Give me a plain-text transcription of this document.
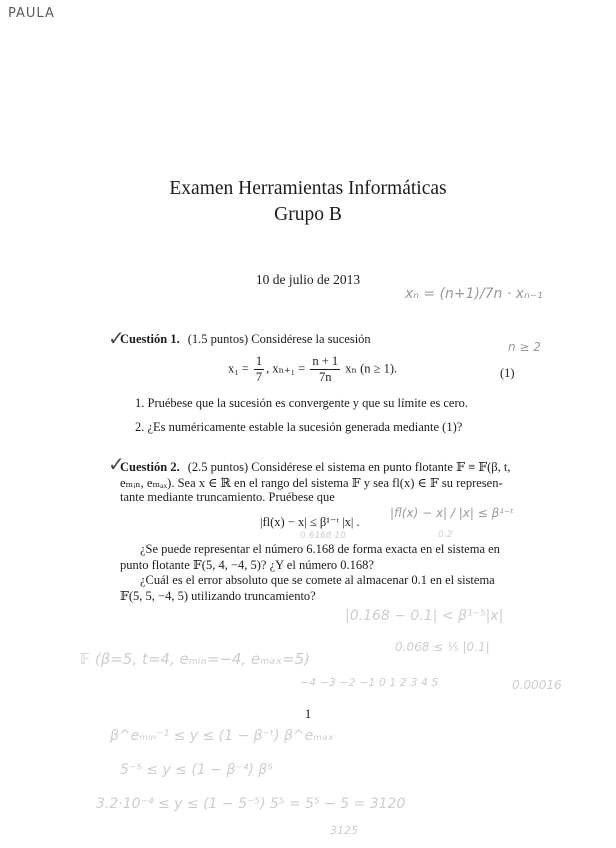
PAULA
Examen Herramientas Informáticas
Grupo B
10 de julio de 2013
xₙ = (n+1)/7n · xₙ₋₁
n ≥ 2
✓
Cuestión 1. (1.5 puntos) Considérese la sucesión
$x_1 = \frac{1}{7}$ , $x_{n+1} = \frac{n + 1}{7n}$ xₙ (n ≥ 1).	(1)
1. Pruébese que la sucesión es convergente y que su límite es cero.
2. ¿Es numéricamente estable la sucesión generada mediante (1)?
✓
Cuestión 2. (2.5 puntos) Considérese el sistema en punto flotante 𝔽 ≡ 𝔽(β, t,
eₘᵢₙ, eₘₐₓ). Sea x ∈ ℝ en el rango del sistema 𝔽 y sea fl(x) ∈ 𝔽 su represen-
tante mediante truncamiento. Pruébese que
|fl(x) − x| ≤ β¹⁻ᵗ |x| .
|fl(x) − x| / |x| ≤ β¹⁻ᵗ
0.6168·10	0.2

¿Se puede representar el número 6.168 de forma exacta en el sistema en punto flotante 𝔽(5, 4, −4, 5)? ¿Y el número 0.168?

¿Cuál es el error absoluto que se comete al almacenar 0.1 en el sistema 𝔽(5, 5, −4, 5) utilizando truncamiento?

|0.168 − 0.1| < β¹⁻⁵|x|
𝔽 (β=5, t=4, eₘᵢₙ=−4, eₘₐₓ=5)
0.068 ≤ ⅕ |0.1|
−4 −3 −2 −1 0 1 2 3 4 5	0.00016
1
β^eₘᵢₙ⁻¹ ≤ y ≤ (1 − β⁻ᵗ) β^eₘₐₓ
5⁻⁵ ≤ y ≤ (1 − β⁻⁴) β⁵
3.2·10⁻⁴ ≤ y ≤ (1 − 5⁻⁵) 5⁵ = 5⁵ − 5 = 3120
3125
